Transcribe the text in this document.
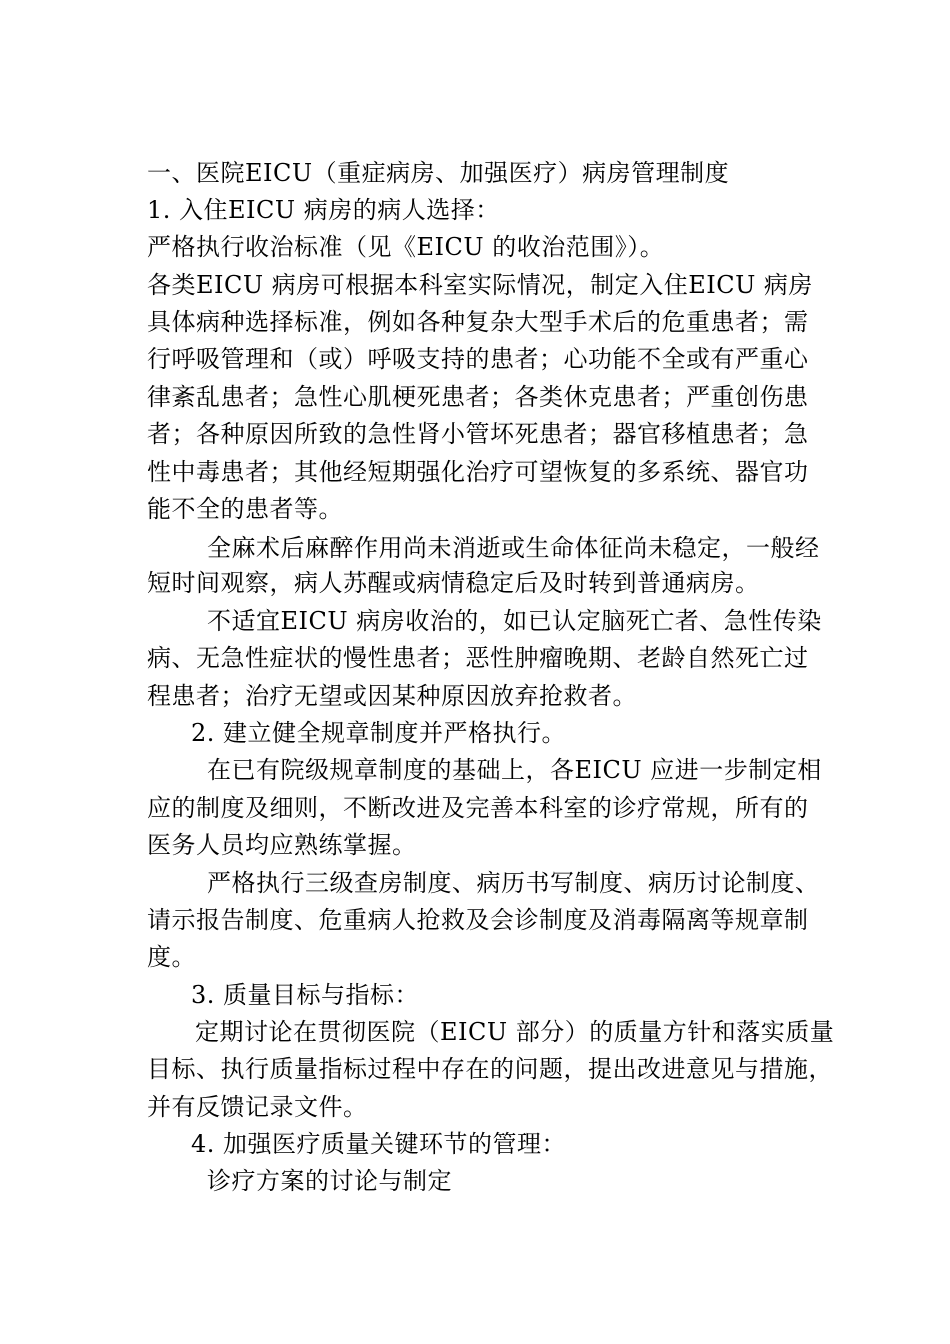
一、医院EICU（重症病房、加强医疗）病房管理制度
1. 入住EICU 病房的病人选择：
严格执行收治标准（见《EICU 的收治范围》）。
各类EICU 病房可根据本科室实际情况，制定入住EICU 病房
具体病种选择标准，例如各种复杂大型手术后的危重患者；需
行呼吸管理和（或）呼吸支持的患者；心功能不全或有严重心
律紊乱患者；急性心肌梗死患者；各类休克患者；严重创伤患
者；各种原因所致的急性肾小管坏死患者；器官移植患者；急
性中毒患者；其他经短期强化治疗可望恢复的多系统、器官功
能不全的患者等。
全麻术后麻醉作用尚未消逝或生命体征尚未稳定，一般经
短时间观察，病人苏醒或病情稳定后及时转到普通病房。
不适宜EICU 病房收治的，如已认定脑死亡者、急性传染
病、无急性症状的慢性患者；恶性肿瘤晚期、老龄自然死亡过
程患者；治疗无望或因某种原因放弃抢救者。
2. 建立健全规章制度并严格执行。
在已有院级规章制度的基础上，各EICU 应进一步制定相
应的制度及细则，不断改进及完善本科室的诊疗常规，所有的
医务人员均应熟练掌握。
严格执行三级查房制度、病历书写制度、病历讨论制度、
请示报告制度、危重病人抢救及会诊制度及消毒隔离等规章制
度。
3. 质量目标与指标：
定期讨论在贯彻医院（EICU 部分）的质量方针和落实质量
目标、执行质量指标过程中存在的问题，提出改进意见与措施，
并有反馈记录文件。
4. 加强医疗质量关键环节的管理：
诊疗方案的讨论与制定
